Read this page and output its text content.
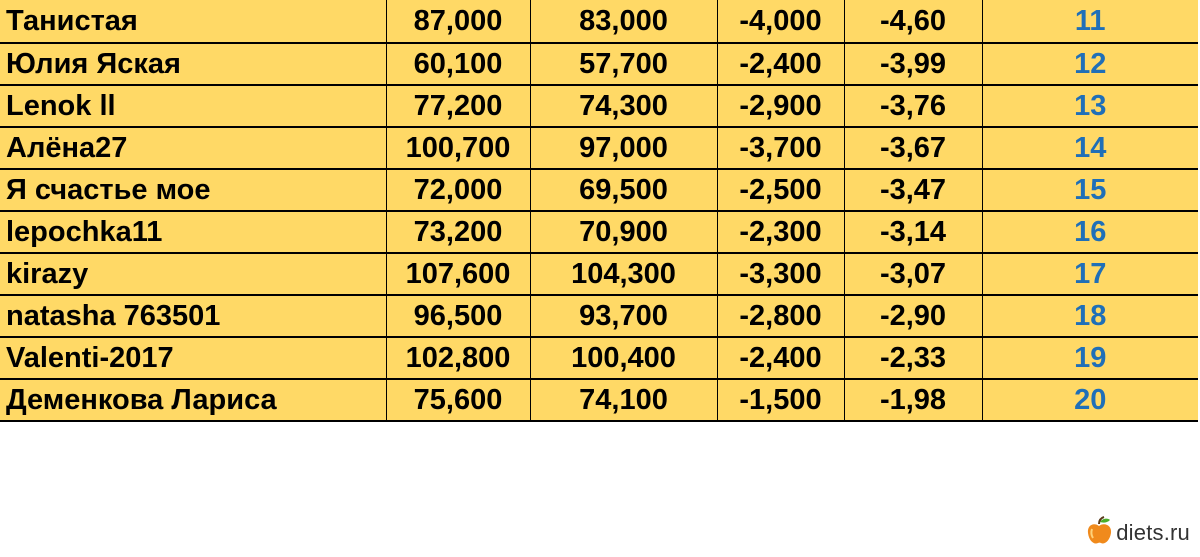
Танистая	87,000	83,000	-4,000	-4,60	11
Юлия Яская	60,100	57,700	-2,400	-3,99	12
Lenok ll	77,200	74,300	-2,900	-3,76	13
Алёна27	100,700	97,000	-3,700	-3,67	14
Я счастье мое	72,000	69,500	-2,500	-3,47	15
lepochka11	73,200	70,900	-2,300	-3,14	16
kirazy	107,600	104,300	-3,300	-3,07	17
natasha 763501	96,500	93,700	-2,800	-2,90	18
Valenti-2017	102,800	100,400	-2,400	-2,33	19
Деменкова Лариса	75,600	74,100	-1,500	-1,98	20
diets.ru
